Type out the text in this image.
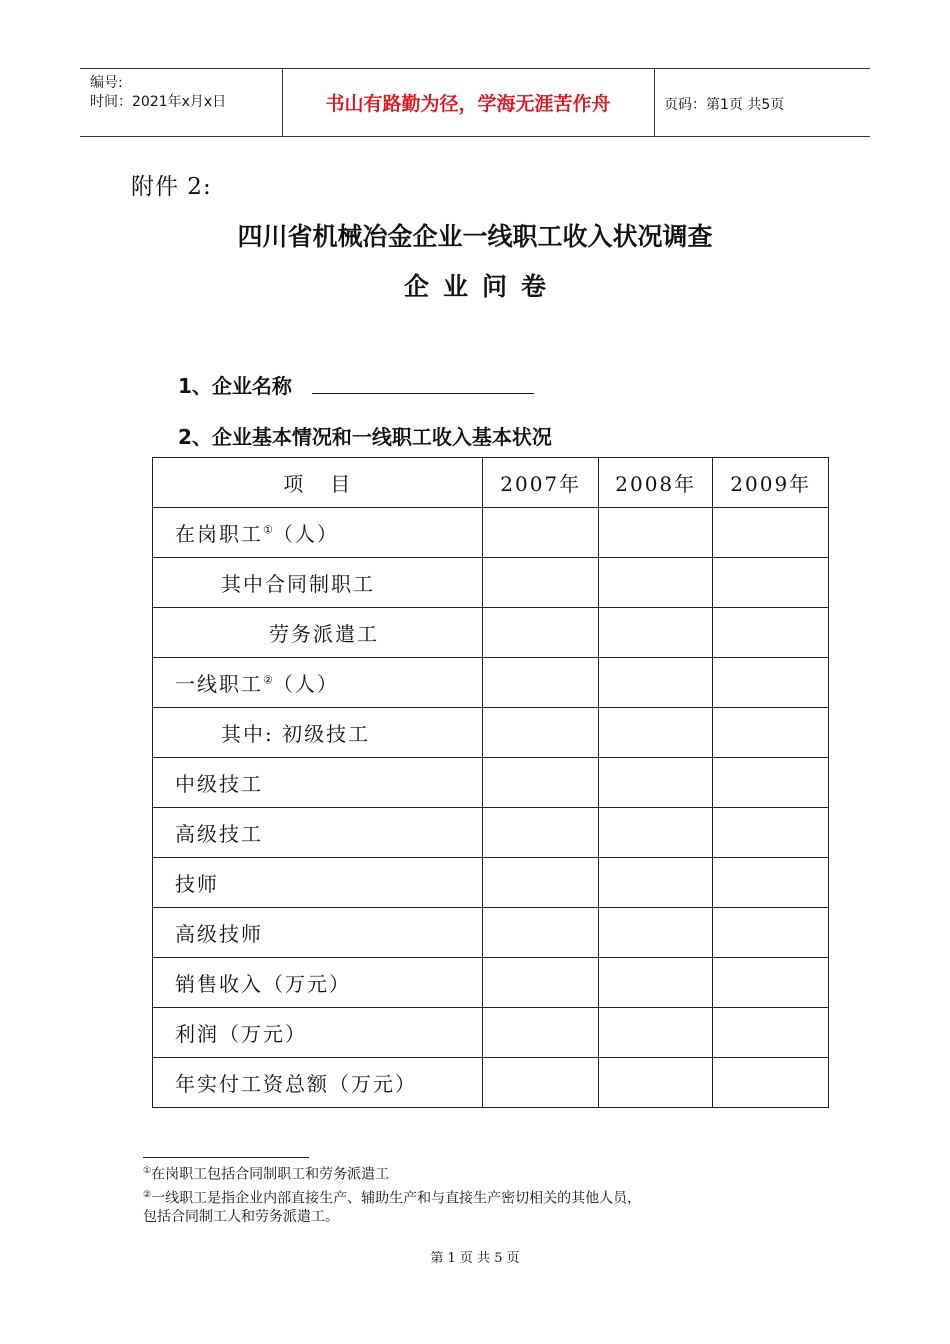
编号:
时间：2021年x月x日	书山有路勤为径，学海无涯苦作舟	页码：第1页 共5页
附件 2:
四川省机械冶金企业一线职工收入状况调查
企业问卷
1、企业名称
2、企业基本情况和一线职工收入基本状况
项   目	2007年	2008年	2009年
在岗职工①（人）			
其中合同制职工			
劳务派遣工			
一线职工②（人）			
其中: 初级技工			
中级技工			
高级技工			
技师			
高级技师			
销售收入（万元）			
利润（万元）			
年实付工资总额（万元）			
①在岗职工包括合同制职工和劳务派遣工
②一线职工是指企业内部直接生产、辅助生产和与直接生产密切相关的其他人员，
包括合同制工人和劳务派遣工。
第 1 页 共 5 页
